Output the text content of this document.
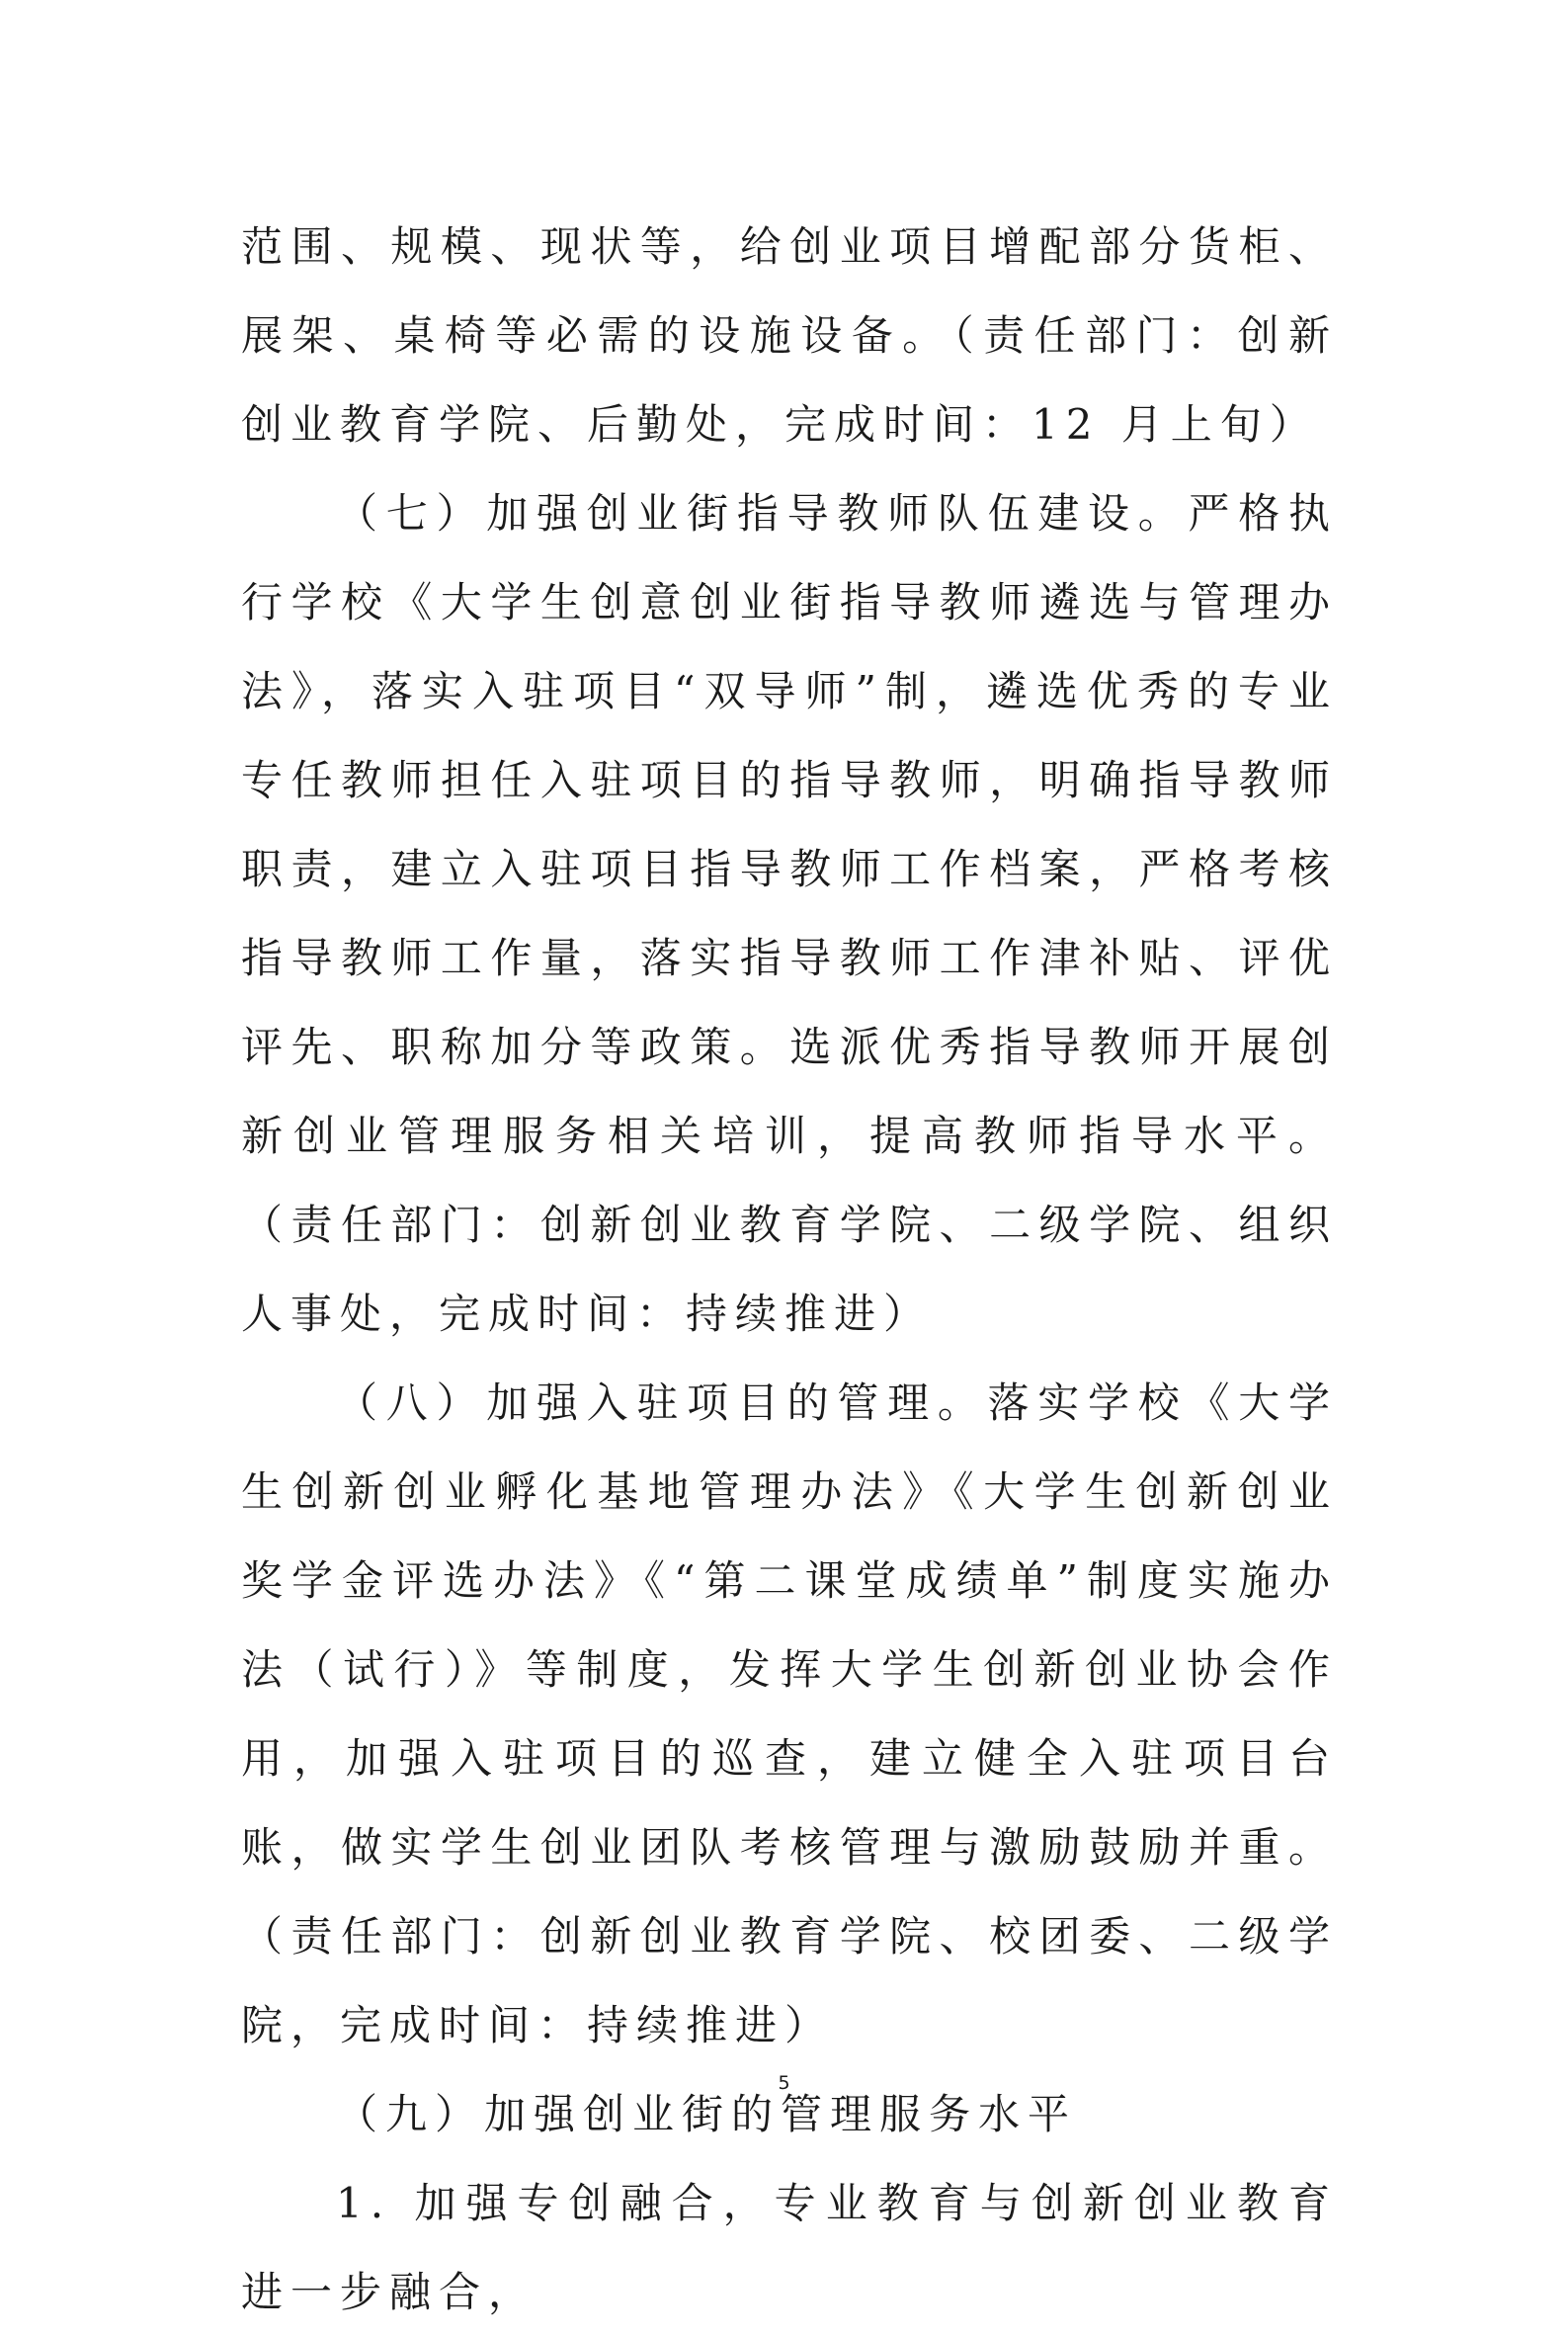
范围、规模、现状等，给创业项目增配部分货柜、展架、桌椅等必需的设施设备。（责任部门：创新创业教育学院、后勤处，完成时间：12 月上旬）

（七）加强创业街指导教师队伍建设。严格执行学校《大学生创意创业街指导教师遴选与管理办法》，落实入驻项目“双导师”制，遴选优秀的专业专任教师担任入驻项目的指导教师，明确指导教师职责，建立入驻项目指导教师工作档案，严格考核指导教师工作量，落实指导教师工作津补贴、评优评先、职称加分等政策。选派优秀指导教师开展创新创业管理服务相关培训，提高教师指导水平。（责任部门：创新创业教育学院、二级学院、组织人事处，完成时间：持续推进）

（八）加强入驻项目的管理。落实学校《大学生创新创业孵化基地管理办法》《大学生创新创业奖学金评选办法》《“第二课堂成绩单”制度实施办法（试行）》等制度，发挥大学生创新创业协会作用，加强入驻项目的巡查，建立健全入驻项目台账，做实学生创业团队考核管理与激励鼓励并重。（责任部门：创新创业教育学院、校团委、二级学院，完成时间：持续推进）

（九）加强创业街的管理服务水平

1. 加强专创融合，专业教育与创新创业教育进一步融合，

5
